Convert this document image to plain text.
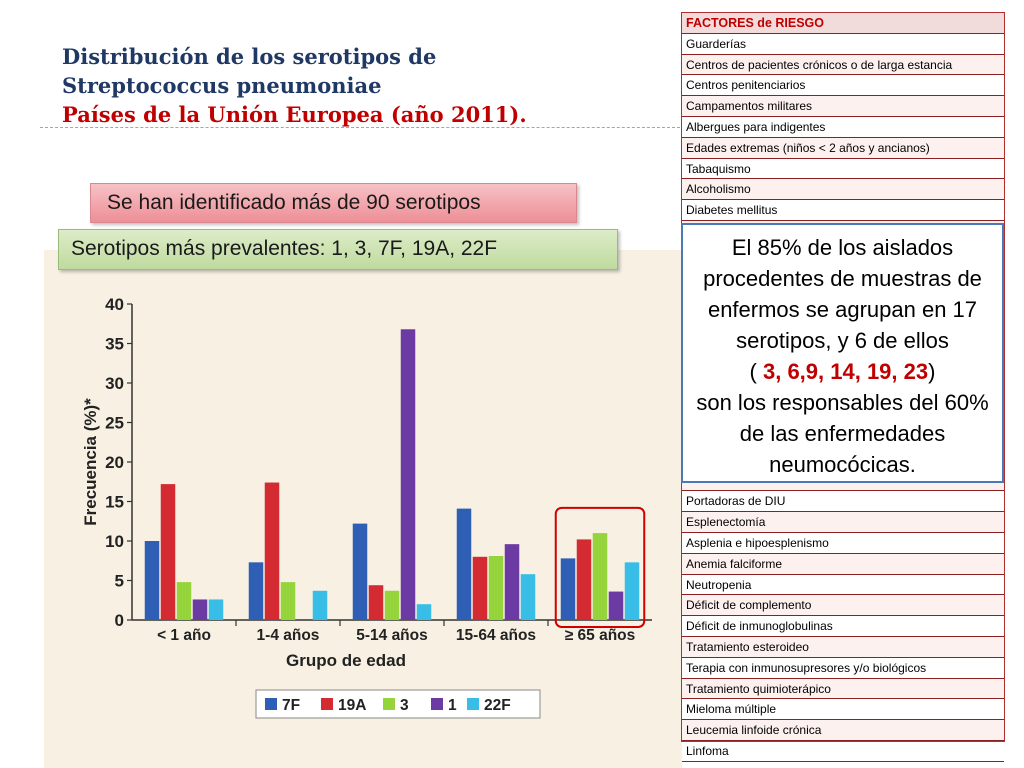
Distribución de los serotipos de
Streptococcus pneumoniae
Países de la Unión Europea (año 2011).
Se han identificado más de 90 serotipos
Serotipos más prevalentes: 1, 3, 7F, 19A, 22F
0
5
10
15
20
25
30
35
40
< 1 año	1-4 años 5-14 años 15-64 años ≥ 65 años
Grupo de edad
Frecuencia (%)*
7F 19A 3	1 22F
FACTORES de RIESGO
Guarderías
Centros de pacientes crónicos o de larga estancia
Centros penitenciarios
Campamentos militares
Albergues para indigentes
Edades extremas (niños < 2 años y ancianos)
Tabaquismo
Alcoholismo
Diabetes mellitus
Portadoras de DIU
Esplenectomía
Asplenia e hipoesplenismo
Anemia falciforme
Neutropenia
Déficit de complemento
Déficit de inmunoglobulinas
Tratamiento esteroideo
Terapia con inmunosupresores y/o biológicos
Tratamiento quimioterápico
Mieloma múltiple
Leucemia linfoide crónica
Linfoma
El 85% de los aislados procedentes de muestras de enfermos se agrupan en 17 serotipos, y 6 de ellos
( 3, 6,9, 14, 19, 23)
son los responsables del 60% de las enfermedades neumocócicas.
